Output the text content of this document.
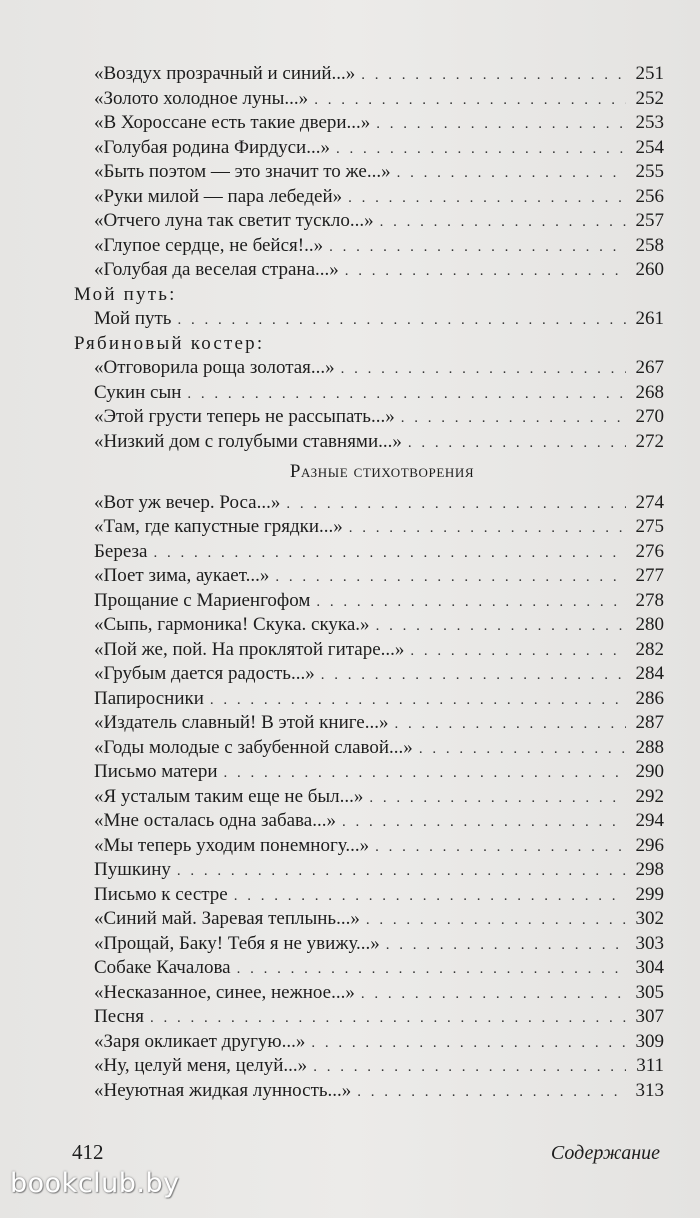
«Воздух прозрачный и синий...» . . .	251
«Золото холодное луны...» . . .	252
«В Хороссане есть такие двери...» . . .	253
«Голубая родина Фирдуси...» . . .	254
«Быть поэтом — это значит то же...» . . .	255
«Руки милой — пара лебедей» . . .	256
«Отчего луна так светит тускло...» . . .	257
«Глупое сердце, не бейся!..» . . .	258
«Голубая да веселая страна...» . . .	260
Мой путь:
Мой путь . . .	261
Рябиновый костер:
«Отговорила роща золотая...» . . .	267
Сукин сын . . .	268
«Этой грусти теперь не рассыпать...» . . .	270
«Низкий дом с голубыми ставнями...» . . .	272
Разные стихотворения
«Вот уж вечер. Роса...» . . .	274
«Там, где капустные грядки...» . . .	275
Береза . . .	276
«Поет зима, аукает...» . . .	277
Прощание с Мариенгофом . . .	278
«Сыпь, гармоника! Скука. скука.» . . .	280
«Пой же, пой. На проклятой гитаре...» . . .	282
«Грубым дается радость...» . . .	284
Папиросники . . .	286
«Издатель славный! В этой книге...» . . .	287
«Годы молодые с забубенной славой...» . . .	288
Письмо матери . . .	290
«Я усталым таким еще не был...» . . .	292
«Мне осталась одна забава...» . . .	294
«Мы теперь уходим понемногу...» . . .	296
Пушкину . . .	298
Письмо к сестре . . .	299
«Синий май. Заревая теплынь...» . . .	302
«Прощай, Баку! Тебя я не увижу...» . . .	303
Собаке Качалова . . .	304
«Несказанное, синее, нежное...» . . .	305
Песня . . .	307
«Заря окликает другую...» . . .	309
«Ну, целуй меня, целуй...» . . .	311
«Неуютная жидкая лунность...» . . .	313
412	Содержание
bookclub.by
